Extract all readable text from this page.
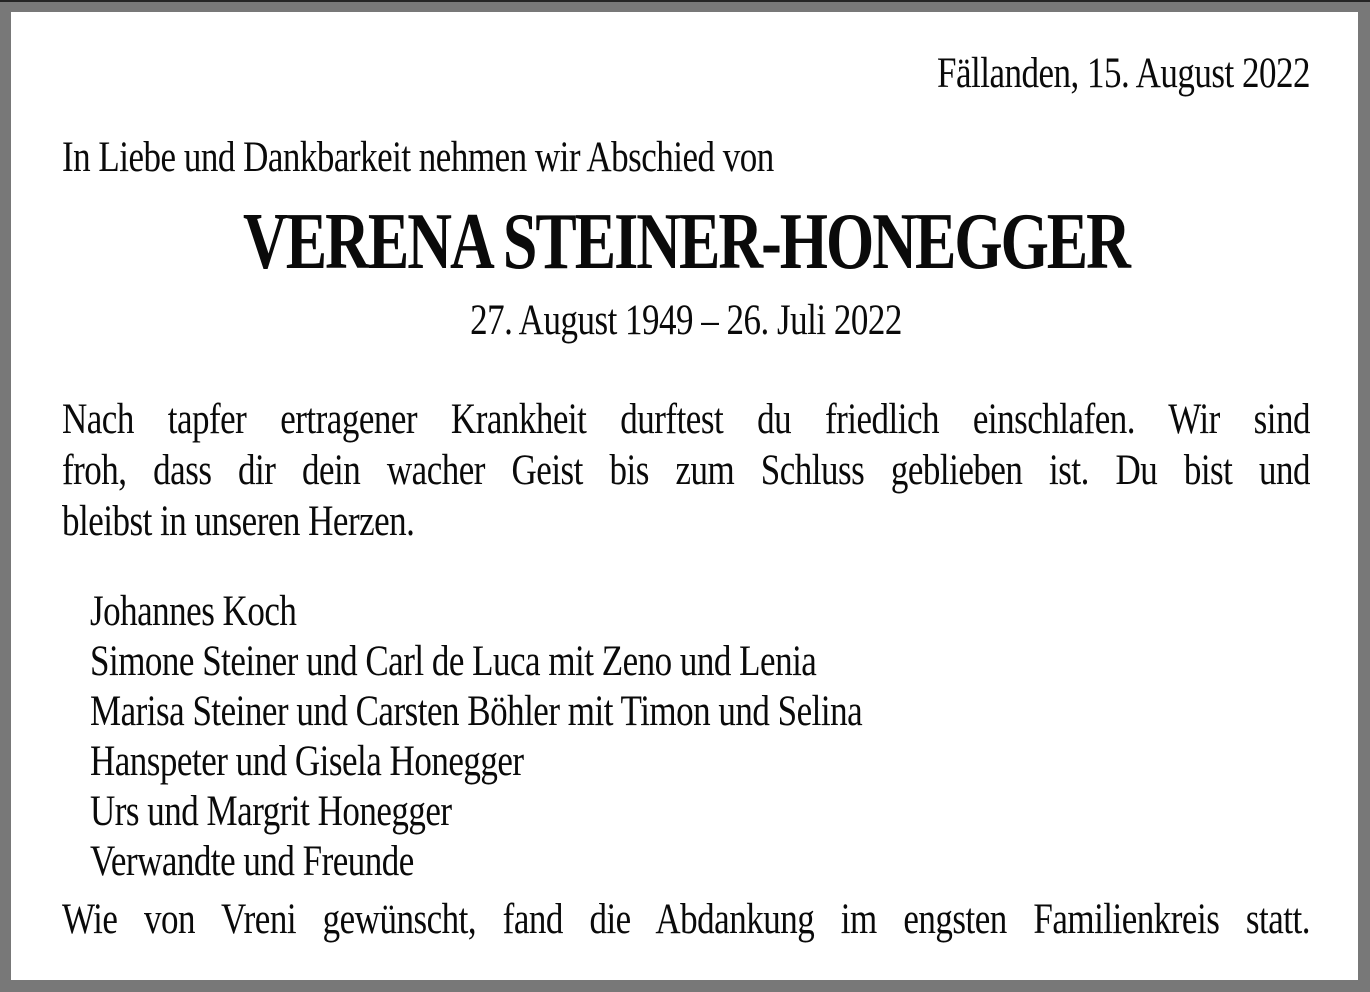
Fällanden, 15. August 2022
In Liebe und Dankbarkeit nehmen wir Abschied von
VERENA STEINER-HONEGGER
27. August 1949 – 26. Juli 2022
Nach tapfer ertragener Krankheit durftest du friedlich einschlafen. Wir sind
froh, dass dir dein wacher Geist bis zum Schluss geblieben ist. Du bist und
bleibst in unseren Herzen.
Johannes Koch
Simone Steiner und Carl de Luca mit Zeno und Lenia
Marisa Steiner und Carsten Böhler mit Timon und Selina
Hanspeter und Gisela Honegger
Urs und Margrit Honegger
Verwandte und Freunde
Wie von Vreni gewünscht, fand die Abdankung im engsten Familienkreis statt.
